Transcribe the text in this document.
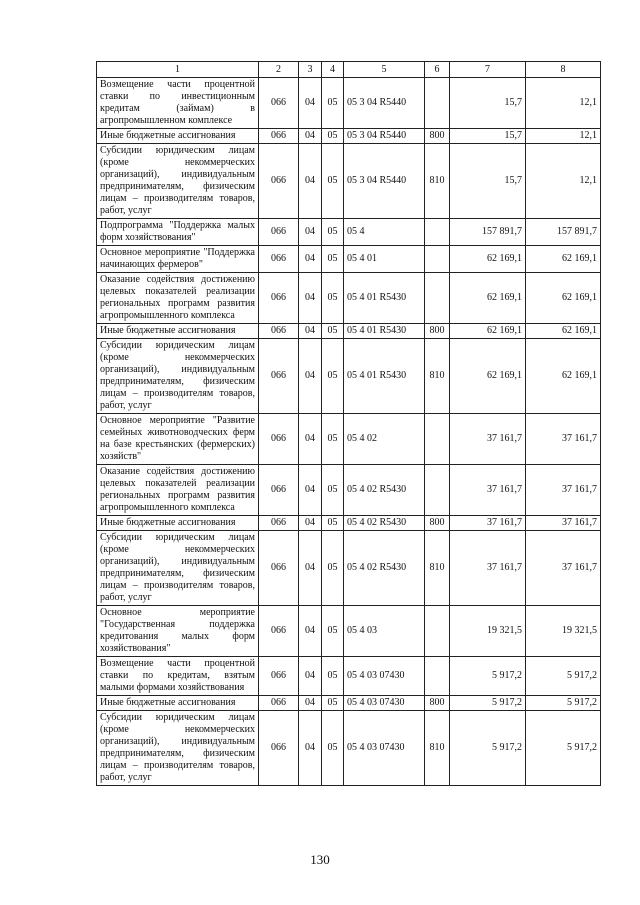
1	2	3	4	5	6	7	8
Возмещение части процентной ставки по инвестиционным кредитам (займам) в агропромышленном комплексе	066	04	05	05 3 04 R5440		15,7	12,1
Иные бюджетные ассигнования	066	04	05	05 3 04 R5440	800	15,7	12,1
Субсидии юридическим лицам (кроме некоммерческих организаций), индивидуальным предпринимателям, физическим лицам – производителям товаров, работ, услуг	066	04	05	05 3 04 R5440	810	15,7	12,1
Подпрограмма "Поддержка малых форм хозяйствования"	066	04	05	05 4		157 891,7	157 891,7
Основное мероприятие "Поддержка начинающих фермеров"	066	04	05	05 4 01		62 169,1	62 169,1
Оказание содействия достижению целевых показателей реализации региональных программ развития агропромышленного комплекса	066	04	05	05 4 01 R5430		62 169,1	62 169,1
Иные бюджетные ассигнования	066	04	05	05 4 01 R5430	800	62 169,1	62 169,1
Субсидии юридическим лицам (кроме некоммерческих организаций), индивидуальным предпринимателям, физическим лицам – производителям товаров, работ, услуг	066	04	05	05 4 01 R5430	810	62 169,1	62 169,1
Основное мероприятие "Развитие семейных животноводческих ферм на базе крестьянских (фермерских) хозяйств"	066	04	05	05 4 02		37 161,7	37 161,7
Оказание содействия достижению целевых показателей реализации региональных программ развития агропромышленного комплекса	066	04	05	05 4 02 R5430		37 161,7	37 161,7
Иные бюджетные ассигнования	066	04	05	05 4 02 R5430	800	37 161,7	37 161,7
Субсидии юридическим лицам (кроме некоммерческих организаций), индивидуальным предпринимателям, физическим лицам – производителям товаров, работ, услуг	066	04	05	05 4 02 R5430	810	37 161,7	37 161,7
Основное мероприятие "Государственная поддержка кредитования малых форм хозяйствования"	066	04	05	05 4 03		19 321,5	19 321,5
Возмещение части процентной ставки по кредитам, взятым малыми формами хозяйствования	066	04	05	05 4 03 07430		5 917,2	5 917,2
Иные бюджетные ассигнования	066	04	05	05 4 03 07430	800	5 917,2	5 917,2
Субсидии юридическим лицам (кроме некоммерческих организаций), индивидуальным предпринимателям, физическим лицам – производителям товаров, работ, услуг	066	04	05	05 4 03 07430	810	5 917,2	5 917,2
130
